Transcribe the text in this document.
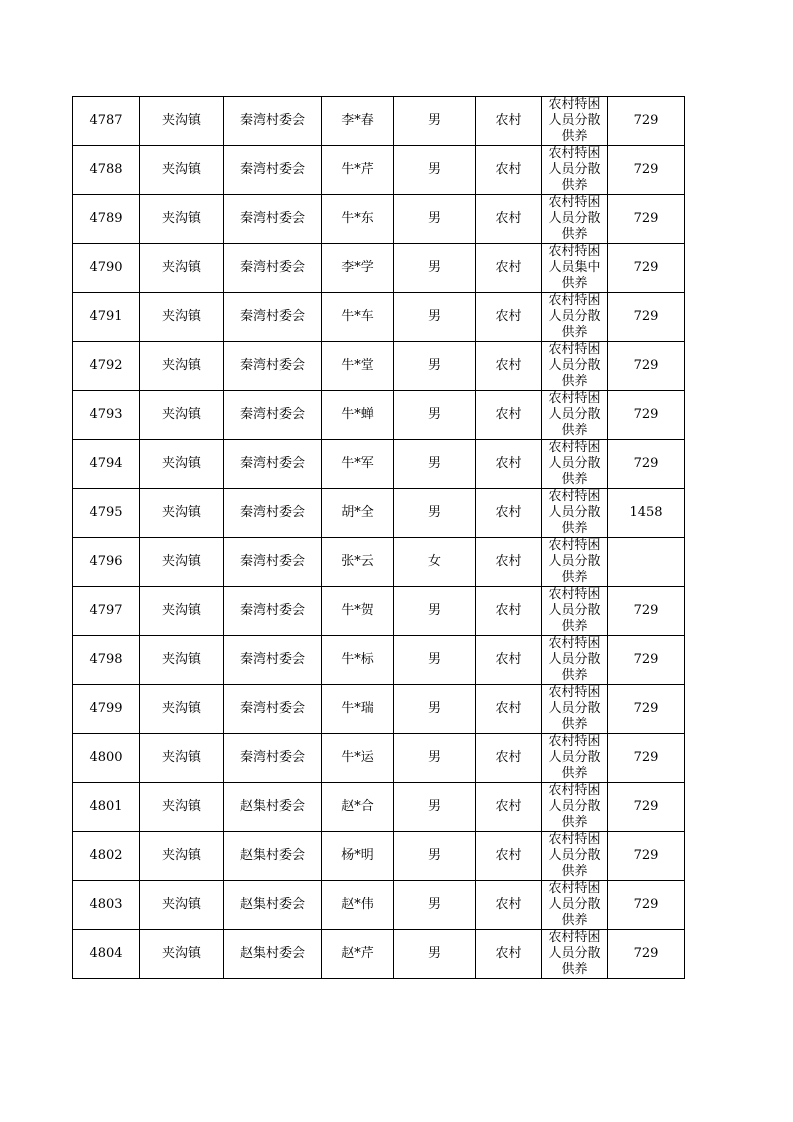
4787	夹沟镇	秦湾村委会	李*春	男	农村	农村特困人员分散供养	729
4788	夹沟镇	秦湾村委会	牛*芹	男	农村	农村特困人员分散供养	729
4789	夹沟镇	秦湾村委会	牛*东	男	农村	农村特困人员分散供养	729
4790	夹沟镇	秦湾村委会	李*学	男	农村	农村特困人员集中供养	729
4791	夹沟镇	秦湾村委会	牛*车	男	农村	农村特困人员分散供养	729
4792	夹沟镇	秦湾村委会	牛*堂	男	农村	农村特困人员分散供养	729
4793	夹沟镇	秦湾村委会	牛*蝉	男	农村	农村特困人员分散供养	729
4794	夹沟镇	秦湾村委会	牛*军	男	农村	农村特困人员分散供养	729
4795	夹沟镇	秦湾村委会	胡*全	男	农村	农村特困人员分散供养	1458
4796	夹沟镇	秦湾村委会	张*云	女	农村	农村特困人员分散供养	

4797	夹沟镇	秦湾村委会	牛*贺	男	农村	农村特困人员分散供养	729
4798	夹沟镇	秦湾村委会	牛*标	男	农村	农村特困人员分散供养	729
4799	夹沟镇	秦湾村委会	牛*瑞	男	农村	农村特困人员分散供养	729
4800	夹沟镇	秦湾村委会	牛*运	男	农村	农村特困人员分散供养	729
4801	夹沟镇	赵集村委会	赵*合	男	农村	农村特困人员分散供养	729
4802	夹沟镇	赵集村委会	杨*明	男	农村	农村特困人员分散供养	729
4803	夹沟镇	赵集村委会	赵*伟	男	农村	农村特困人员分散供养	729
4804	夹沟镇	赵集村委会	赵*芹	男	农村	农村特困人员分散供养	729
